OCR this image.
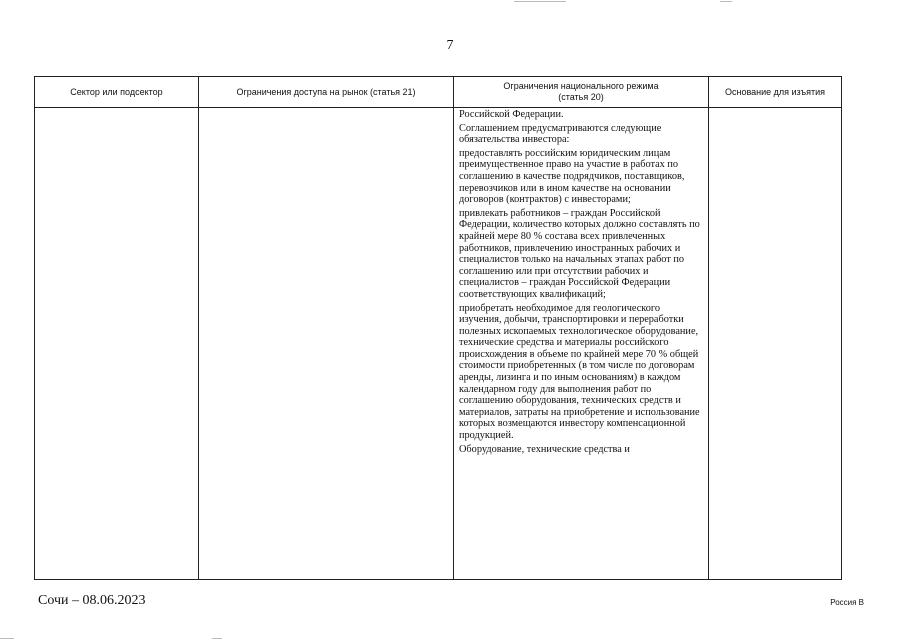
7
Сектор или подсектор	Ограничения доступа на рынок (статья 21)
Ограничения национального режима
(статья 20)
Основание для изъятия

Российской Федерации.

Соглашением предусматриваются следующие обязательства инвестора:

предоставлять российским юридическим лицам преимущественное право на участие в работах по соглашению в качестве подрядчиков, поставщиков, перевозчиков или в ином качестве на основании договоров (контрактов) с инвесторами;

привлекать работников – граждан Российской Федерации, количество которых должно составлять по крайней мере 80 % состава всех привлеченных работников, привлечению иностранных рабочих и специалистов только на начальных этапах работ по соглашению или при отсутствии рабочих и специалистов – граждан Российской Федерации соответствующих квалификаций;

приобретать необходимое для геологического изучения, добычи, транспортировки и переработки полезных ископаемых технологическое оборудование, технические средства и материалы российского происхождения в объеме по крайней мере 70 % общей стоимости приобретенных (в том числе по договорам аренды, лизинга и по иным основаниям) в каждом календарном году для выполнения работ по соглашению оборудования, технических средств и материалов, затраты на приобретение и использование которых возмещаются инвестору компенсационной продукцией.

Оборудование, технические средства и

Сочи – 08.06.2023	Россия B
